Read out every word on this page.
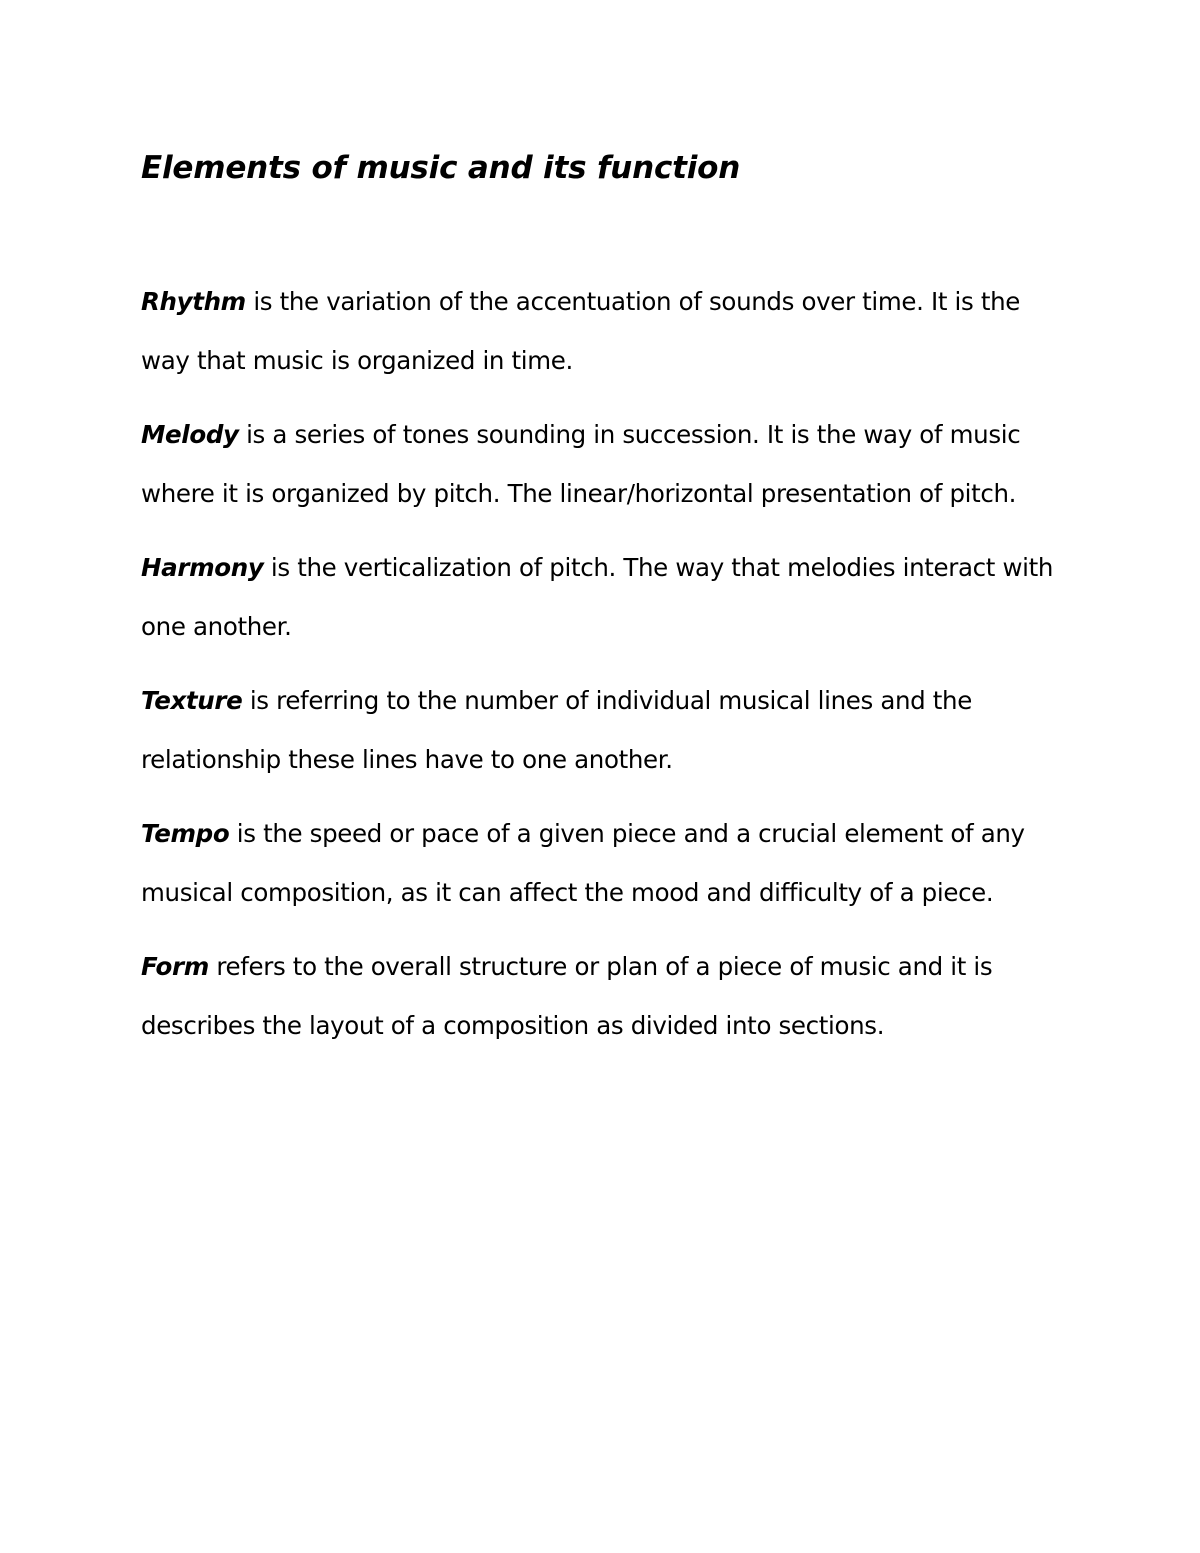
Elements of music and its function

Rhythm is the variation of the accentuation of sounds over time. It is the way that music is organized in time.

Melody is a series of tones sounding in succession. It is the way of music where it is organized by pitch. The linear/horizontal presentation of pitch.

Harmony is the verticalization of pitch. The way that melodies interact with one another.

Texture is referring to the number of individual musical lines and the relationship these lines have to one another.

Tempo is the speed or pace of a given piece and a crucial element of any musical composition, as it can affect the mood and difficulty of a piece.

Form refers to the overall structure or plan of a piece of music and it is describes the layout of a composition as divided into sections.
